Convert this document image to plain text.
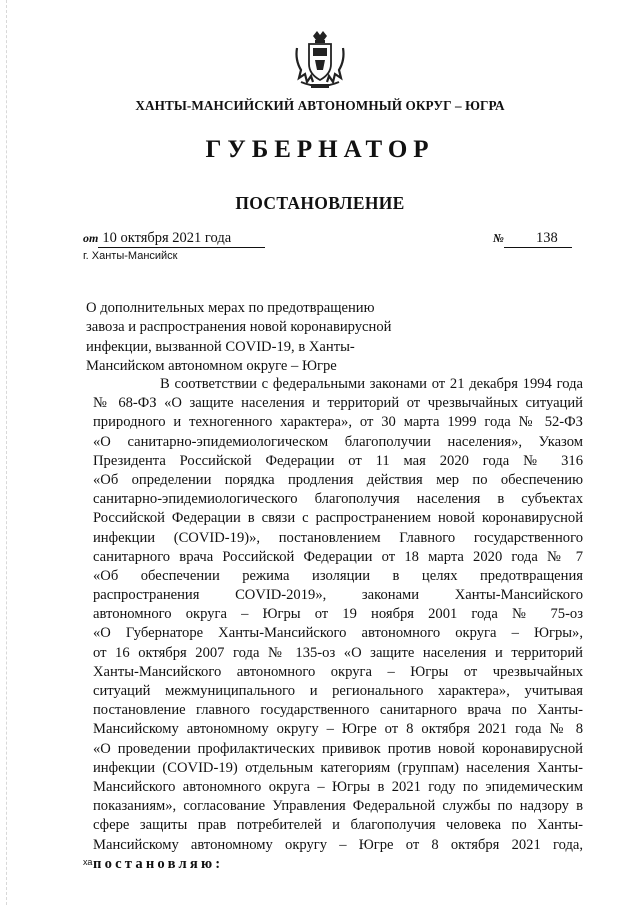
ХАНТЫ-МАНСИЙСКИЙ АВТОНОМНЫЙ ОКРУГ – ЮГРА
ГУБЕРНАТОР
ПОСТАНОВЛЕНИЕ
от 10 октября 2021 года	№ 138
г. Ханты-Мансийск
О дополнительных мерах по предотвращению
завоза и распространения новой коронавирусной
инфекции, вызванной COVID-19, в Ханты-
Мансийском автономном округе – Югре
В соответствии с федеральными законами от 21 декабря 1994 года
№ 68-ФЗ «О защите населения и территорий от чрезвычайных ситуаций
природного и техногенного характера», от 30 марта 1999 года № 52-ФЗ
«О санитарно-эпидемиологическом благополучии населения», Указом
Президента Российской Федерации от 11 мая 2020 года № 316
«Об определении порядка продления действия мер по обеспечению
санитарно-эпидемиологического благополучия населения в субъектах
Российской Федерации в связи с распространением новой коронавирусной
инфекции (COVID-19)», постановлением Главного государственного
санитарного врача Российской Федерации от 18 марта 2020 года № 7
«Об обеспечении режима изоляции в целях предотвращения
распространения COVID-2019», законами Ханты-Мансийского
автономного округа – Югры от 19 ноября 2001 года № 75-оз
«О Губернаторе Ханты-Мансийского автономного округа – Югры»,
от 16 октября 2007 года № 135-оз «О защите населения и территорий
Ханты-Мансийского автономного округа – Югры от чрезвычайных
ситуаций межмуниципального и регионального характера», учитывая
постановление главного государственного санитарного врача по Ханты-
Мансийскому автономному округу – Югре от 8 октября 2021 года № 8
«О проведении профилактических прививок против новой коронавирусной
инфекции (COVID-19) отдельным категориям (группам) населения Ханты-
Мансийского автономного округа – Югры в 2021 году по эпидемическим
показаниям», согласование Управления Федеральной службы по надзору в
сфере защиты прав потребителей и благополучия человека по Ханты-
Мансийскому автономному округу – Югре от 8 октября 2021 года,
постановляю:
ха
